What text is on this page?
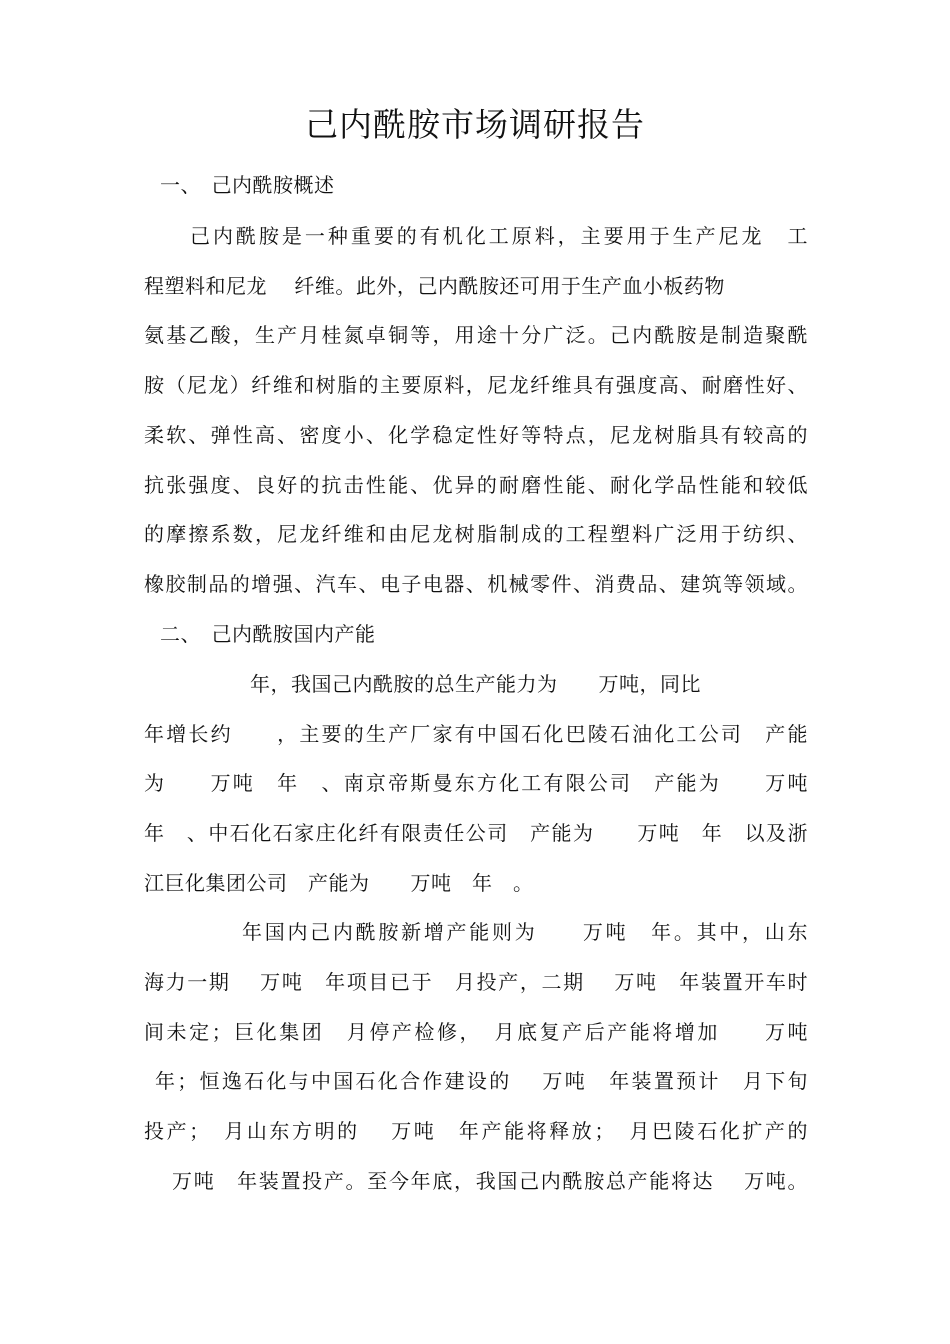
己内酰胺市场调研报告
一、　己内酰胺概述
　　己内酰胺是一种重要的有机化工原料，主要用于生产尼龙　工
程塑料和尼龙　 纤维。此外，己内酰胺还可用于生产血小板药物
氨基乙酸，生产月桂氮卓铜等，用途十分广泛。己内酰胺是制造聚酰
胺（尼龙）纤维和树脂的主要原料，尼龙纤维具有强度高、耐磨性好、
柔软、弹性高、密度小、化学稳定性好等特点，尼龙树脂具有较高的
抗张强度、良好的抗击性能、优异的耐磨性能、耐化学品性能和较低
的摩擦系数，尼龙纤维和由尼龙树脂制成的工程塑料广泛用于纺织、
橡胶制品的增强、汽车、电子电器、机械零件、消费品、建筑等领域。
二、　己内酰胺国内产能
年，我国己内酰胺的总生产能力为　　万吨，同比
年增长约　　，主要的生产厂家有中国石化巴陵石油化工公司　产能
为　　万吨　年　、南京帝斯曼东方化工有限公司　产能为　　万吨
年　、中石化石家庄化纤有限责任公司　产能为　　万吨　年　以及浙
江巨化集团公司　产能为　　万吨　年　。
年国内己内酰胺新增产能则为　　万吨　年。其中，山东
海力一期　 万吨　年项目已于　月投产，二期　 万吨　年装置开车时
间未定；巨化集团　月停产检修，　月底复产后产能将增加　　万吨
年；恒逸石化与中国石化合作建设的　 万吨　年装置预计　月下旬
投产；　月山东方明的　 万吨　年产能将释放；　月巴陵石化扩产的
万吨　年装置投产。至今年底，我国己内酰胺总产能将达　 万吨。
